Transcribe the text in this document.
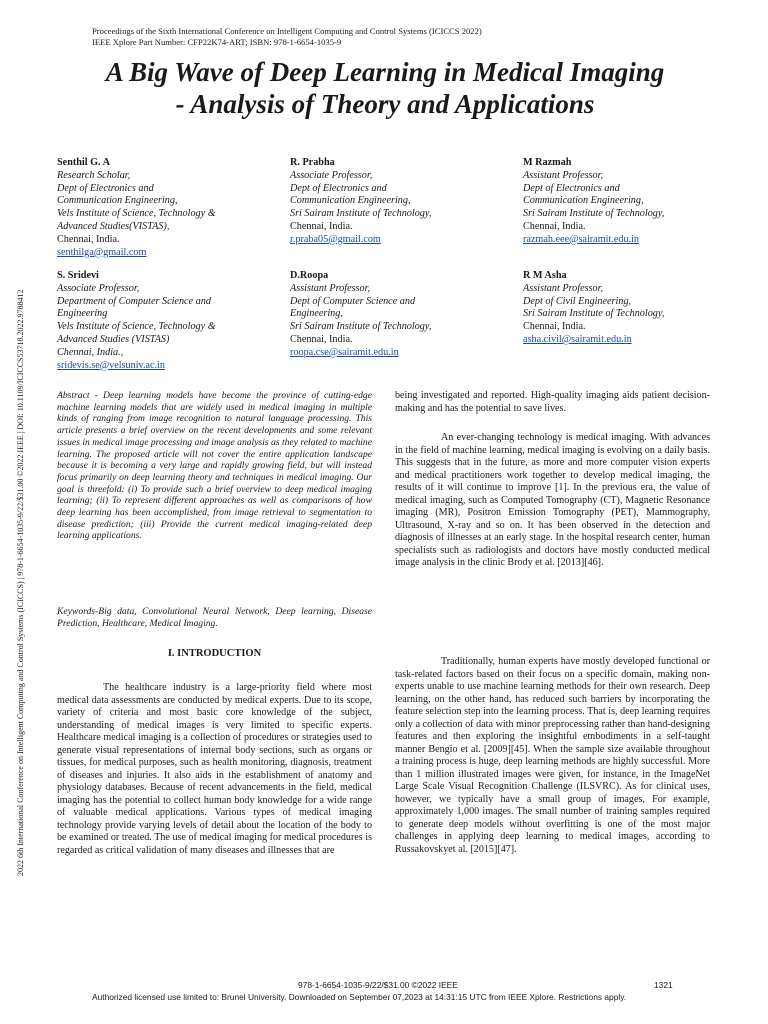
Proceedings of the Sixth International Conference on Intelligent Computing and Control Systems (ICICCS 2022)
IEEE Xplore Part Number: CFP22K74-ART; ISBN: 978-1-6654-1035-9
A Big Wave of Deep Learning in Medical Imaging
- Analysis of Theory and Applications
2022 6th International Conference on Intelligent Computing and Control Systems (ICICCS) | 978-1-6654-1035-9/22/$31.00 ©2022 IEEE | DOI: 10.1109/ICICCS53718.2022.9788412
Senthil G. A
Research Scholar,
Dept of Electronics and
Communication Engineering,
Vels Institute of Science, Technology &
Advanced Studies(VISTAS),
Chennai, India.
senthilga@gmail.com
R. Prabha
Associate Professor,
Dept of Electronics and
Communication Engineering,
Sri Sairam Institute of Technology,
Chennai, India.
r.praba05@gmail.com
M Razmah
Assistant Professor,
Dept of Electronics and
Communication Engineering,
Sri Sairam Institute of Technology,
Chennai, India.
razmah.eee@sairamit.edu.in
S. Sridevi
Associate Professor,
Department of Computer Science and
Engineering
Vels Institute of Science, Technology &
Advanced Studies (VISTAS)
Chennai, India.,
sridevis.se@velsuniv.ac.in
D.Roopa
Assistant Professor,
Dept of Computer Science and
Engineering,
Sri Sairam Institute of Technology,
Chennai, India.
roopa.cse@sairamit.edu.in
R M Asha
Assistant Professor,
Dept of Civil Engineering,
Sri Sairam Institute of Technology,
Chennai, India.
asha.civil@sairamit.edu.in

Abstract - Deep learning models have become the province of cutting-edge machine learning models that are widely used in medical imaging in multiple kinds of ranging from image recognition to natural language processing. This article presents a brief overview on the recent developments and some relevant issues in medical image processing and image analysis as they related to machine learning. The proposed article will not cover the entire application landscape because it is becoming a very large and rapidly growing field, but will instead focus primarily on deep learning theory and techniques in medical imaging. Our goal is threefold: (i) To provide such a brief overview to deep medical imaging learning; (ii) To represent different approaches as well as comparisons of how deep learning has been accomplished, from image retrieval to segmentation to disease prediction; (iii) Provide the current medical imaging-related deep learning applications.

Keywords-Big data, Convolutional Neural Network, Deep learning, Disease Prediction, Healthcare, Medical Imaging.

I. INTRODUCTION

The healthcare industry is a large-priority field where most medical data assessments are conducted by medical experts. Due to its scope, variety of criteria and most basic core knowledge of the subject, understanding of medical images is very limited to specific experts. Healthcare medical imaging is a collection of procedures or strategies used to generate visual representations of internal body sections, such as organs or tissues, for medical purposes, such as health monitoring, diagnosis, treatment of diseases and injuries. It also aids in the establishment of anatomy and physiology databases. Because of recent advancements in the field, medical imaging has the potential to collect human body knowledge for a wide range of valuable medical applications. Various types of medical imaging technology provide varying levels of detail about the location of the body to be examined or treated. The use of medical imaging for medical procedures is regarded as critical validation of many diseases and illnesses that are

being investigated and reported. High-quality imaging aids patient decision-making and has the potential to save lives.

An ever-changing technology is medical imaging. With advances in the field of machine learning, medical imaging is evolving on a daily basis. This suggests that in the future, as more and more computer vision experts and medical practitioners work together to develop medical imaging, the results of it will continue to improve [1]. In the previous era, the value of medical imaging, such as Computed Tomography (CT), Magnetic Resonance imaging (MR), Positron Emission Tomography (PET), Mammography, Ultrasound, X-ray and so on. It has been observed in the detection and diagnosis of illnesses at an early stage. In the hospital research center, human specialists such as radiologists and doctors have mostly conducted medical image analysis in the clinic Brody et al. [2013][46].

Traditionally, human experts have mostly developed functional or task-related factors based on their focus on a specific domain, making non-experts unable to use machine learning methods for their own research. Deep learning, on the other hand, has reduced such barriers by incorporating the feature selection step into the learning process. That is, deep learning requires only a collection of data with minor preprocessing rather than hand-designing features and then exploring the insightful embodiments in a self-taught manner Bengio et al. [2009][45]. When the sample size available throughout a training process is huge, deep learning methods are highly successful. More than 1 million illustrated images were given, for instance, in the ImageNet Large Scale Visual Recognition Challenge (ILSVRC). As for clinical uses, however, we typically have a small group of images, For example, approximately 1,000 images. The small number of training samples required to generate deep models without overfitting is one of the most major challenges in applying deep learning to medical images, according to Russakovskyet al. [2015][47].

978-1-6654-1035-9/22/$31.00 ©2022 IEEE	1321
Authorized licensed use limited to: Brunel University. Downloaded on September 07,2023 at 14:31:15 UTC from IEEE Xplore. Restrictions apply.
